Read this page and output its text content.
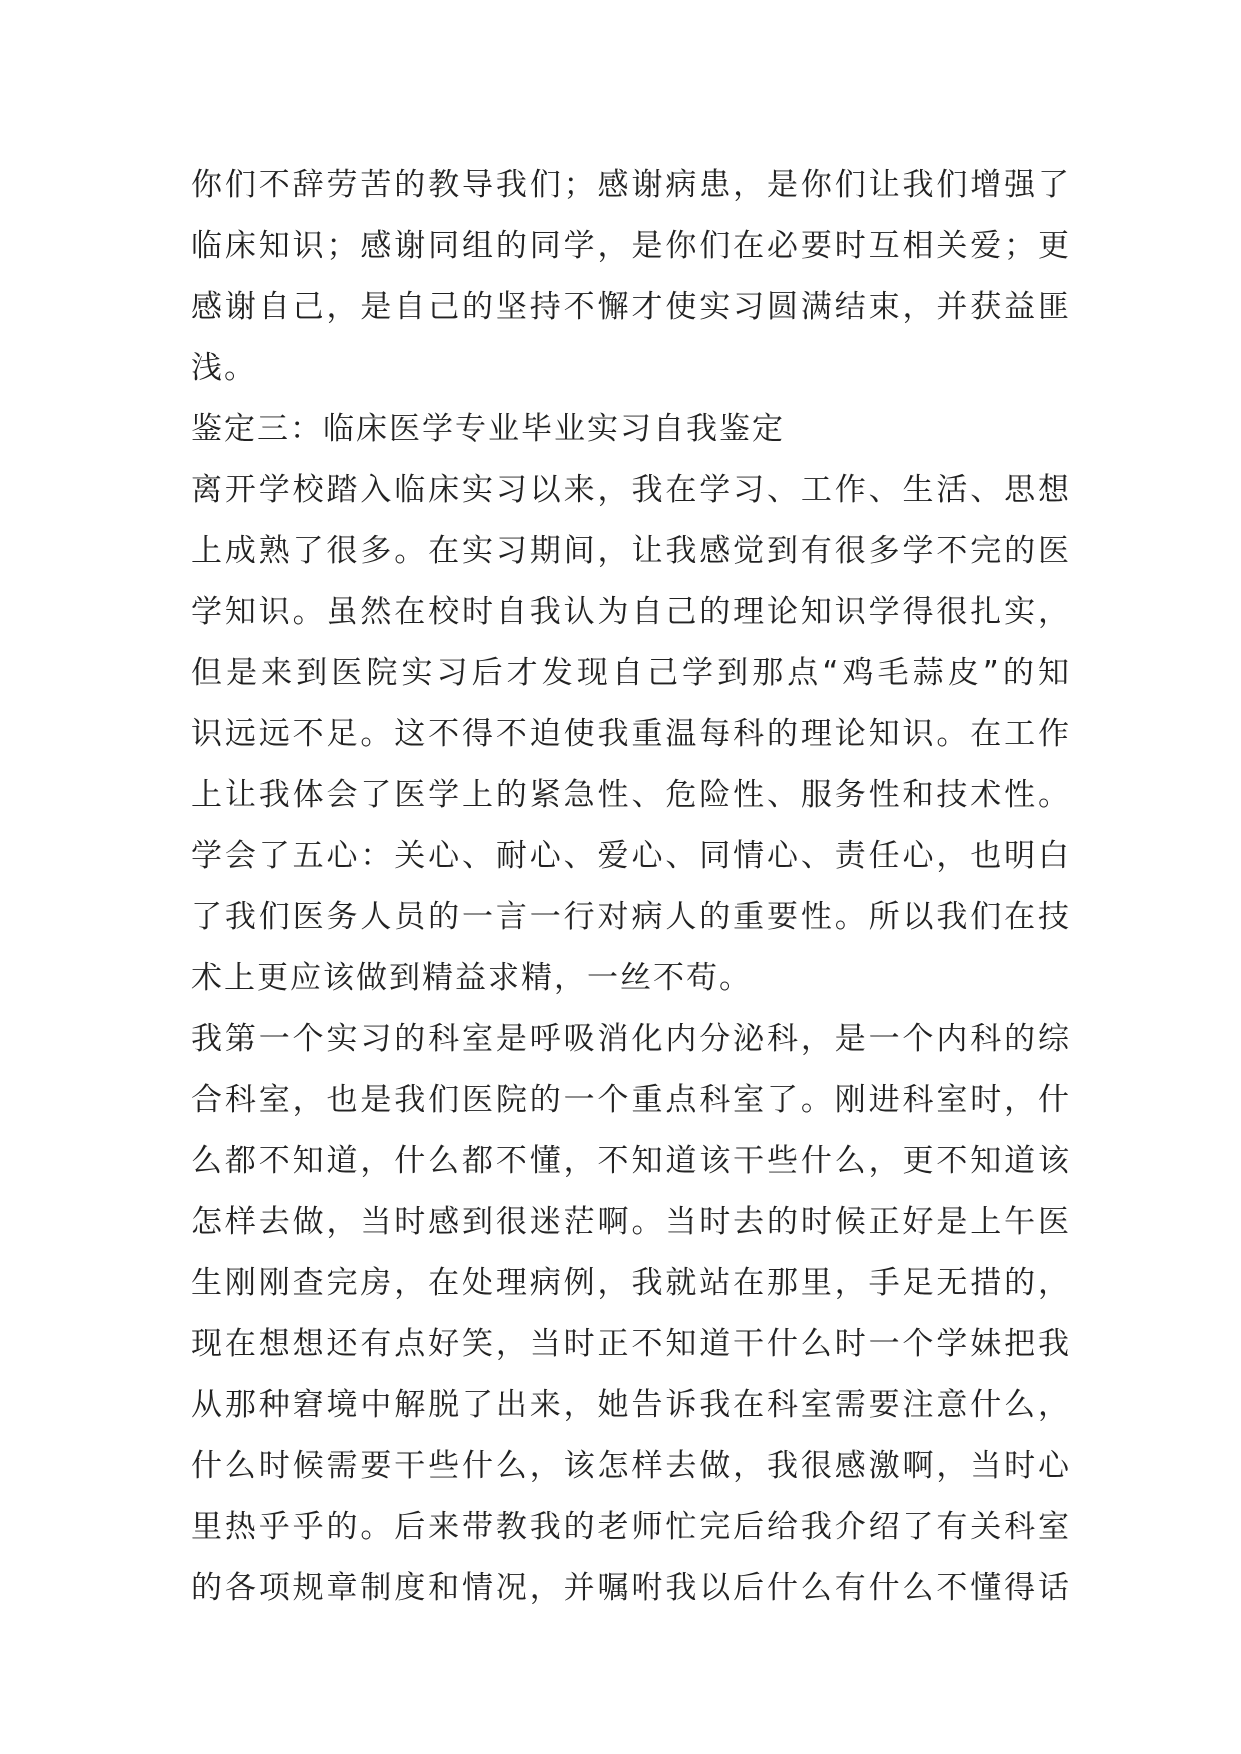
你们不辞劳苦的教导我们；感谢病患，是你们让我们增强了
临床知识；感谢同组的同学，是你们在必要时互相关爱；更
感谢自己，是自己的坚持不懈才使实习圆满结束，并获益匪
浅。
鉴定三：临床医学专业毕业实习自我鉴定
离开学校踏入临床实习以来，我在学习、工作、生活、思想
上成熟了很多。在实习期间，让我感觉到有很多学不完的医
学知识。虽然在校时自我认为自己的理论知识学得很扎实，
但是来到医院实习后才发现自己学到那点“鸡毛蒜皮”的知
识远远不足。这不得不迫使我重温每科的理论知识。在工作
上让我体会了医学上的紧急性、危险性、服务性和技术性。
学会了五心：关心、耐心、爱心、同情心、责任心，也明白
了我们医务人员的一言一行对病人的重要性。所以我们在技
术上更应该做到精益求精，一丝不苟。
我第一个实习的科室是呼吸消化内分泌科，是一个内科的综
合科室，也是我们医院的一个重点科室了。刚进科室时，什
么都不知道，什么都不懂，不知道该干些什么，更不知道该
怎样去做，当时感到很迷茫啊。当时去的时候正好是上午医
生刚刚查完房，在处理病例，我就站在那里，手足无措的，
现在想想还有点好笑，当时正不知道干什么时一个学妹把我
从那种窘境中解脱了出来，她告诉我在科室需要注意什么，
什么时候需要干些什么，该怎样去做，我很感激啊，当时心
里热乎乎的。后来带教我的老师忙完后给我介绍了有关科室
的各项规章制度和情况，并嘱咐我以后什么有什么不懂得话
